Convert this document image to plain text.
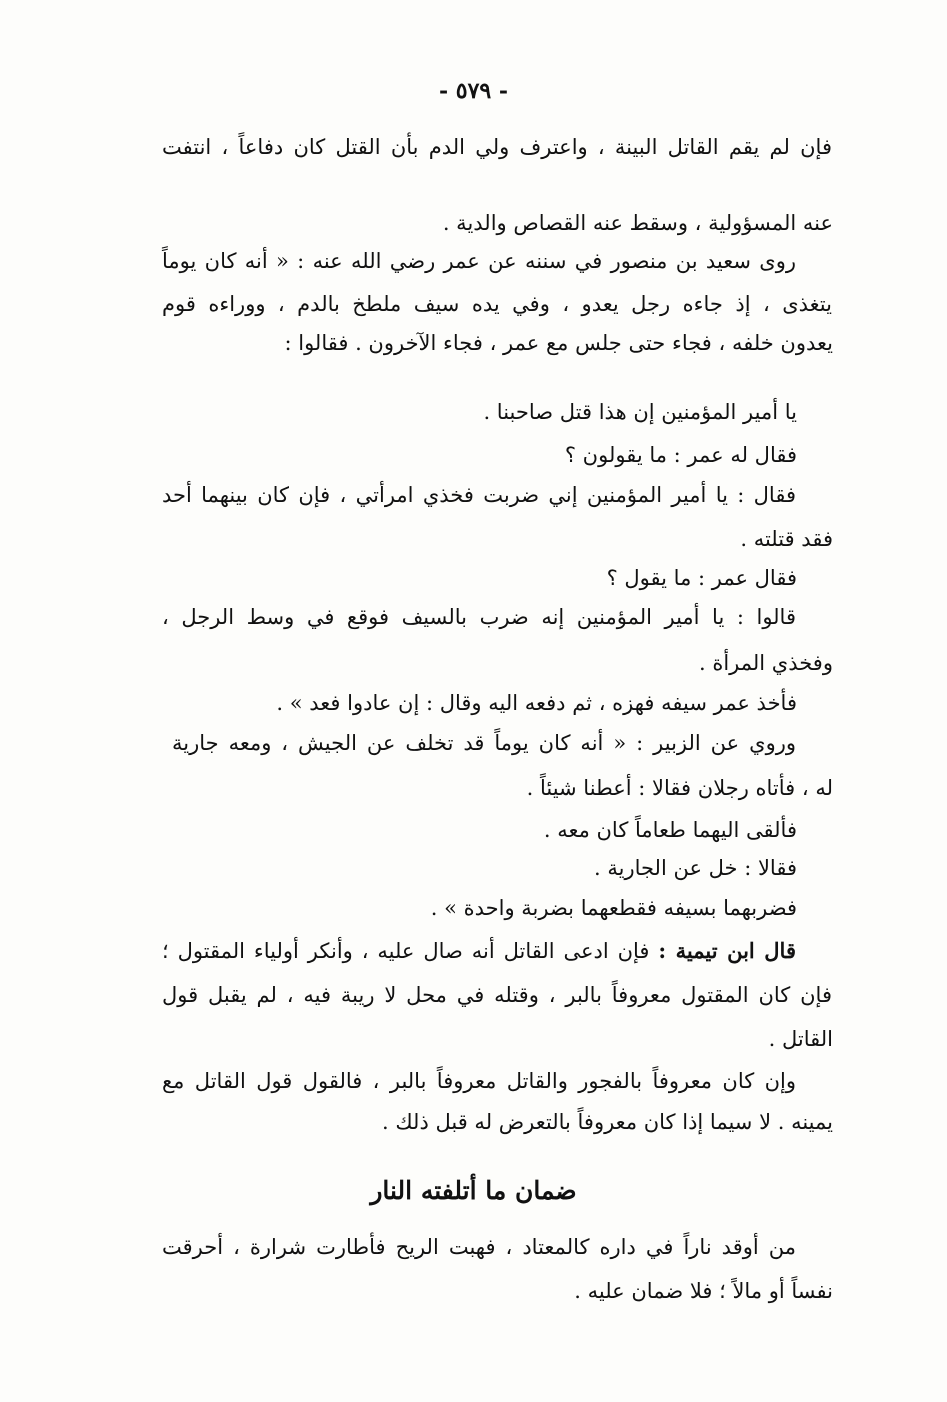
- ٥٧٩ -
فإن لم يقم القاتل البينة ، واعترف ولي الدم بأن القتل كان دفاعاً ، انتفت
عنه المسؤولية ، وسقط عنه القصاص والدية .
روى سعيد بن منصور في سننه عن عمر رضي الله عنه : « أنه كان يوماً
يتغذى ، إذ جاءه رجل يعدو ، وفي يده سيف ملطخ بالدم ، ووراءه قوم
يعدون خلفه ، فجاء حتى جلس مع عمر ، فجاء الآخرون . فقالوا :
يا أمير المؤمنين إن هذا قتل صاحبنا .
فقال له عمر : ما يقولون ؟
فقال : يا أمير المؤمنين إني ضربت فخذي امرأتي ، فإن كان بينهما أحد
فقد قتلته .
فقال عمر : ما يقول ؟
قالوا : يا أمير المؤمنين إنه ضرب بالسيف فوقع في وسط الرجل ،
وفخذي المرأة .
فأخذ عمر سيفه فهزه ، ثم دفعه اليه وقال : إن عادوا فعد » .
وروي عن الزبير : « أنه كان يوماً قد تخلف عن الجيش ، ومعه جارية
له ، فأتاه رجلان فقالا : أعطنا شيئاً .
فألقى اليهما طعاماً كان معه .
فقالا : خل عن الجارية .
فضربهما بسيفه فقطعهما بضربة واحدة » .
قال ابن تيمية : فإن ادعى القاتل أنه صال عليه ، وأنكر أولياء المقتول ؛
فإن كان المقتول معروفاً بالبر ، وقتله في محل لا ريبة فيه ، لم يقبل قول
القاتل .
وإن كان معروفاً بالفجور والقاتل معروفاً بالبر ، فالقول قول القاتل مع
يمينه . لا سيما إذا كان معروفاً بالتعرض له قبل ذلك .
ضمان ما أتلفته النار
من أوقد ناراً في داره كالمعتاد ، فهبت الريح فأطارت شرارة ، أحرقت
نفساً أو مالاً ؛ فلا ضمان عليه .
